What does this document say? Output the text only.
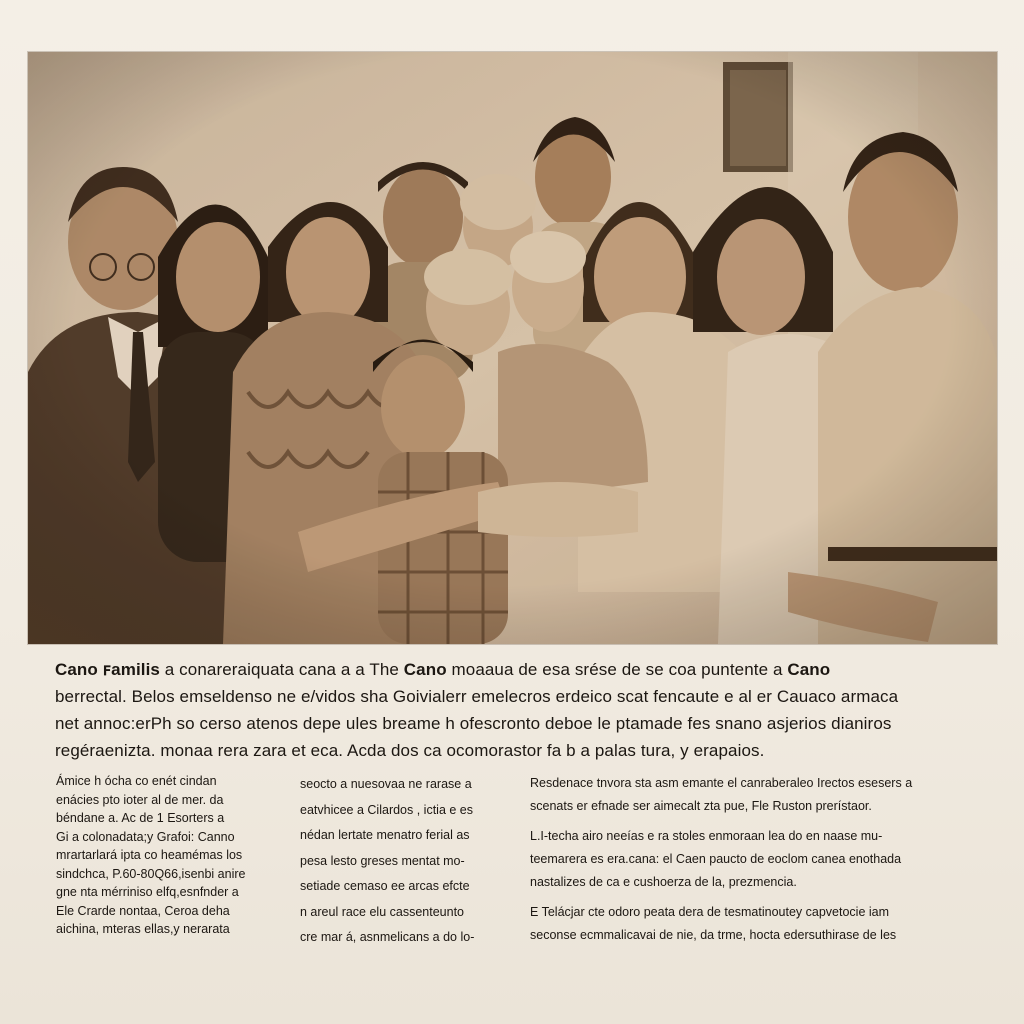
Cano ꜰamilis a conareraiquata cana a a The Cano moaaua de esa srése de se coa puntente a Cano
berrectal. Belos emseldenso ne e/vidos sha Goivialerr emelecros erdeico scat fencaute e al er Cauaco armaca
net annoc:erPh so cerso atenos depe ules breame h ofescronto deboe le ptamade fes snano asjerios dianiros
regéraenizta. monaa rera zara et eca. Acda dos ca ocomorastor fa b a palas tura, y erapaios.

Ámice h ócha co enét cindan

enácies pto ioter al de mer. da

béndane a. Ac de 1 Esorters a

Gi a colonadata;y Grafoi: Canno

mrartarlará ipta co heamémas los

sindchca, P.60-80Q66,isenbi anire

gne nta mérriniso elfq,esnfnder a

Ele Crarde nontaa, Ceroa deha

aichina, mteras ellas,y nerarata

seocto a nuesovaa ne rarase a

eatvhicee a Cilardos , ictia e es

nédan lertate menatro ferial as

pesa lesto greses mentat mo-

setiade cemaso ee arcas efcte

n areul race elu cassenteunto

cre mar á, asnmelicans a do lo-

Resdenace tnvora sta asm emante el canraberaleo Irectos esesers a

scenats er efnade ser aimecalt zta pue, Fle Ruston prerístaor.

L.I-techa airo neeías e ra stoles enmoraan lea do en naase mu-

teemarera es era.cana: el Caen paucto de eoclom canea enothada

nastalizes de ca e cushoerza de la, prezmencia.

E Telácjar cte odoro peata dera de tesmatinoutey capvetocie iam

seconse ecmmalicavai de nie, da trme, hocta edersuthirase de les
